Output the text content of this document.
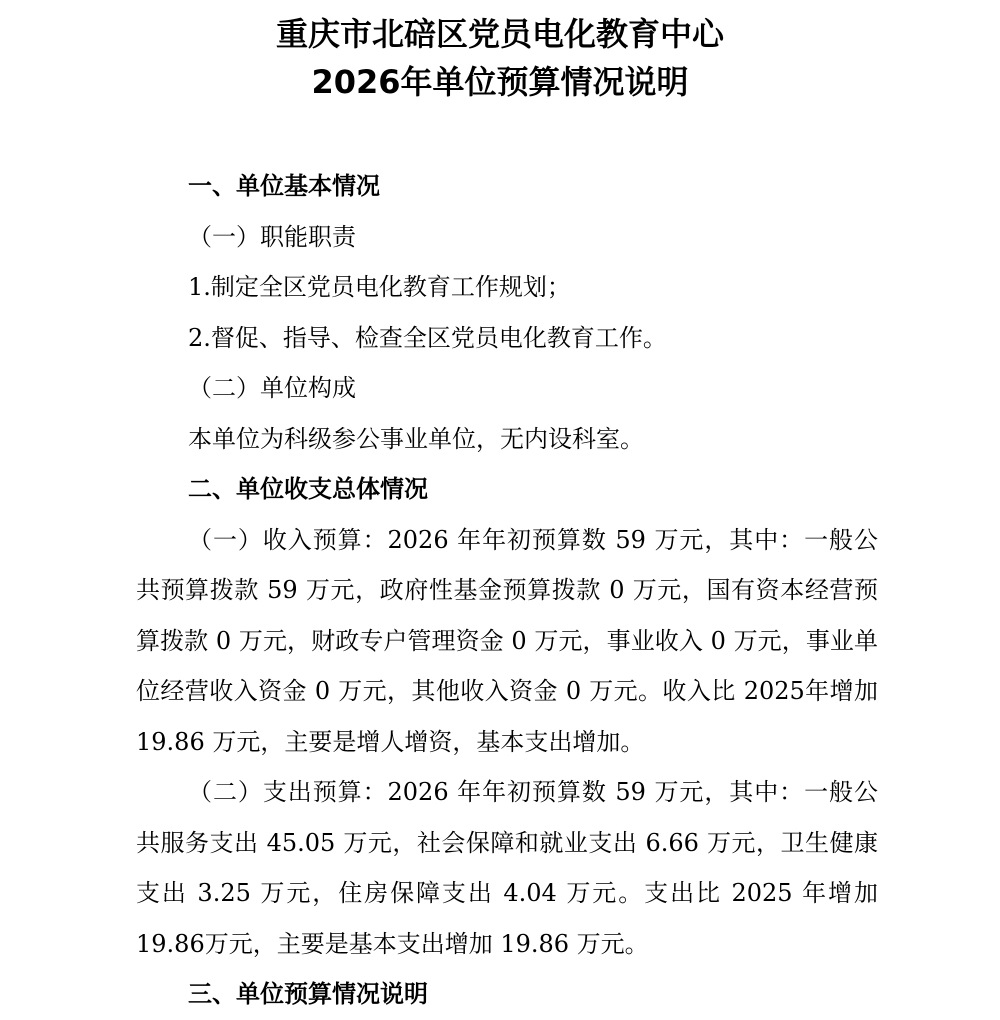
重庆市北碚区党员电化教育中心
2026年单位预算情况说明

一、单位基本情况

（一）职能职责

1.制定全区党员电化教育工作规划；

2.督促、指导、检查全区党员电化教育工作。

（二）单位构成

本单位为科级参公事业单位，无内设科室。

二、单位收支总体情况

（一）收入预算：2026 年年初预算数 59 万元，其中：一般公共预算拨款 59 万元，政府性基金预算拨款 0 万元，国有资本经营预算拨款 0 万元，财政专户管理资金 0 万元，事业收入 0 万元，事业单位经营收入资金 0 万元，其他收入资金 0 万元。收入比 2025年增加 19.86 万元，主要是增人增资，基本支出增加。

（二）支出预算：2026 年年初预算数 59 万元，其中：一般公共服务支出 45.05 万元，社会保障和就业支出 6.66 万元，卫生健康支出 3.25 万元，住房保障支出 4.04 万元。支出比 2025 年增加 19.86万元，主要是基本支出增加 19.86 万元。

三、单位预算情况说明
